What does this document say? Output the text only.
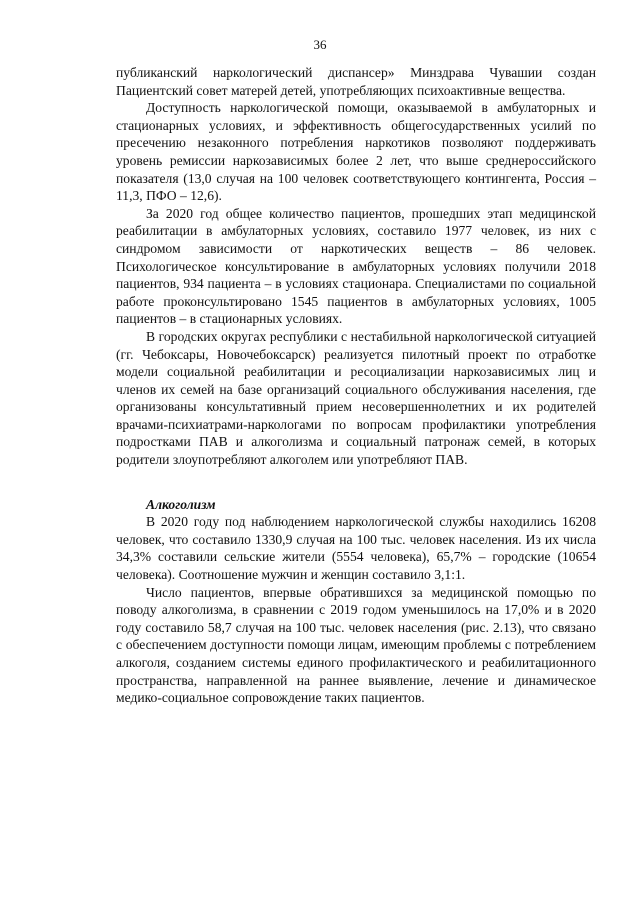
36

публиканский наркологический диспансер» Минздрава Чувашии создан Пациентский совет матерей детей, употребляющих психоактивные вещества.

Доступность наркологической помощи, оказываемой в амбулаторных и стационарных условиях, и эффективность общегосударственных усилий по пресечению незаконного потребления наркотиков позволяют поддерживать уровень ремиссии наркозависимых более 2 лет, что выше среднероссийского показателя (13,0 случая на 100 человек соответствующего контингента, Россия – 11,3, ПФО – 12,6).

За 2020 год общее количество пациентов, прошедших этап медицинской реабилитации в амбулаторных условиях, составило 1977 человек, из них с синдромом зависимости от наркотических веществ – 86 человек. Психологическое консультирование в амбулаторных условиях получили 2018 пациентов, 934 пациента – в условиях стационара. Специалистами по социальной работе проконсультировано 1545 пациентов в амбулаторных условиях, 1005 пациентов – в стационарных условиях.

В городских округах республики с нестабильной наркологической ситуацией (гг. Чебоксары, Новочебоксарск) реализуется пилотный проект по отработке модели социальной реабилитации и ресоциализации наркозависимых лиц и членов их семей на базе организаций социального обслуживания населения, где организованы консультативный прием несовершеннолетних и их родителей врачами-психиатрами-наркологами по вопросам профилактики употребления подростками ПАВ и алкоголизма и социальный патронаж семей, в которых родители злоупотребляют алкоголем или употребляют ПАВ.

Алкоголизм

В 2020 году под наблюдением наркологической службы находились 16208 человек, что составило 1330,9 случая на 100 тыс. человек населения. Из их числа 34,3% составили сельские жители (5554 человека), 65,7% – городские (10654 человека). Соотношение мужчин и женщин составило 3,1:1.

Число пациентов, впервые обратившихся за медицинской помощью по поводу алкоголизма, в сравнении с 2019 годом уменьшилось на 17,0% и в 2020 году составило 58,7 случая на 100 тыс. человек населения (рис. 2.13), что связано с обеспечением доступности помощи лицам, имеющим проблемы с потреблением алкоголя, созданием системы единого профилактического и реабилитационного пространства, направленной на раннее выявление, лечение и динамическое медико-социальное сопровождение таких пациентов.
